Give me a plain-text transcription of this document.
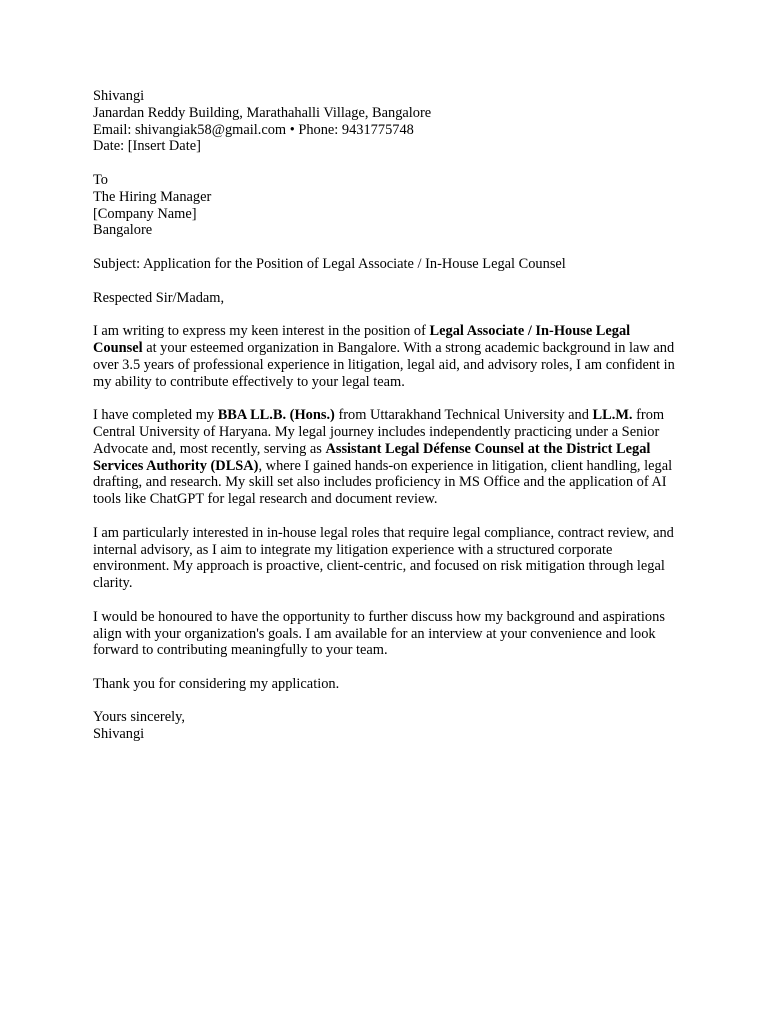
Shivangi
Janardan Reddy Building, Marathahalli Village, Bangalore
Email: shivangiak58@gmail.com • Phone: 9431775748
Date: [Insert Date]
To
The Hiring Manager
[Company Name]
Bangalore

Subject: Application for the Position of Legal Associate / In-House Legal Counsel

Respected Sir/Madam,

I am writing to express my keen interest in the position of Legal Associate / In-House Legal Counsel at your esteemed organization in Bangalore. With a strong academic background in law and over 3.5 years of professional experience in litigation, legal aid, and advisory roles, I am confident in my ability to contribute effectively to your legal team.

I have completed my BBA LL.B. (Hons.) from Uttarakhand Technical University and LL.M. from Central University of Haryana. My legal journey includes independently practicing under a Senior Advocate and, most recently, serving as Assistant Legal Défense Counsel at the District Legal Services Authority (DLSA), where I gained hands-on experience in litigation, client handling, legal drafting, and research. My skill set also includes proficiency in MS Office and the application of AI tools like ChatGPT for legal research and document review.

I am particularly interested in in-house legal roles that require legal compliance, contract review, and internal advisory, as I aim to integrate my litigation experience with a structured corporate environment. My approach is proactive, client-centric, and focused on risk mitigation through legal clarity.

I would be honoured to have the opportunity to further discuss how my background and aspirations align with your organization's goals. I am available for an interview at your convenience and look forward to contributing meaningfully to your team.

Thank you for considering my application.

Yours sincerely,
Shivangi
